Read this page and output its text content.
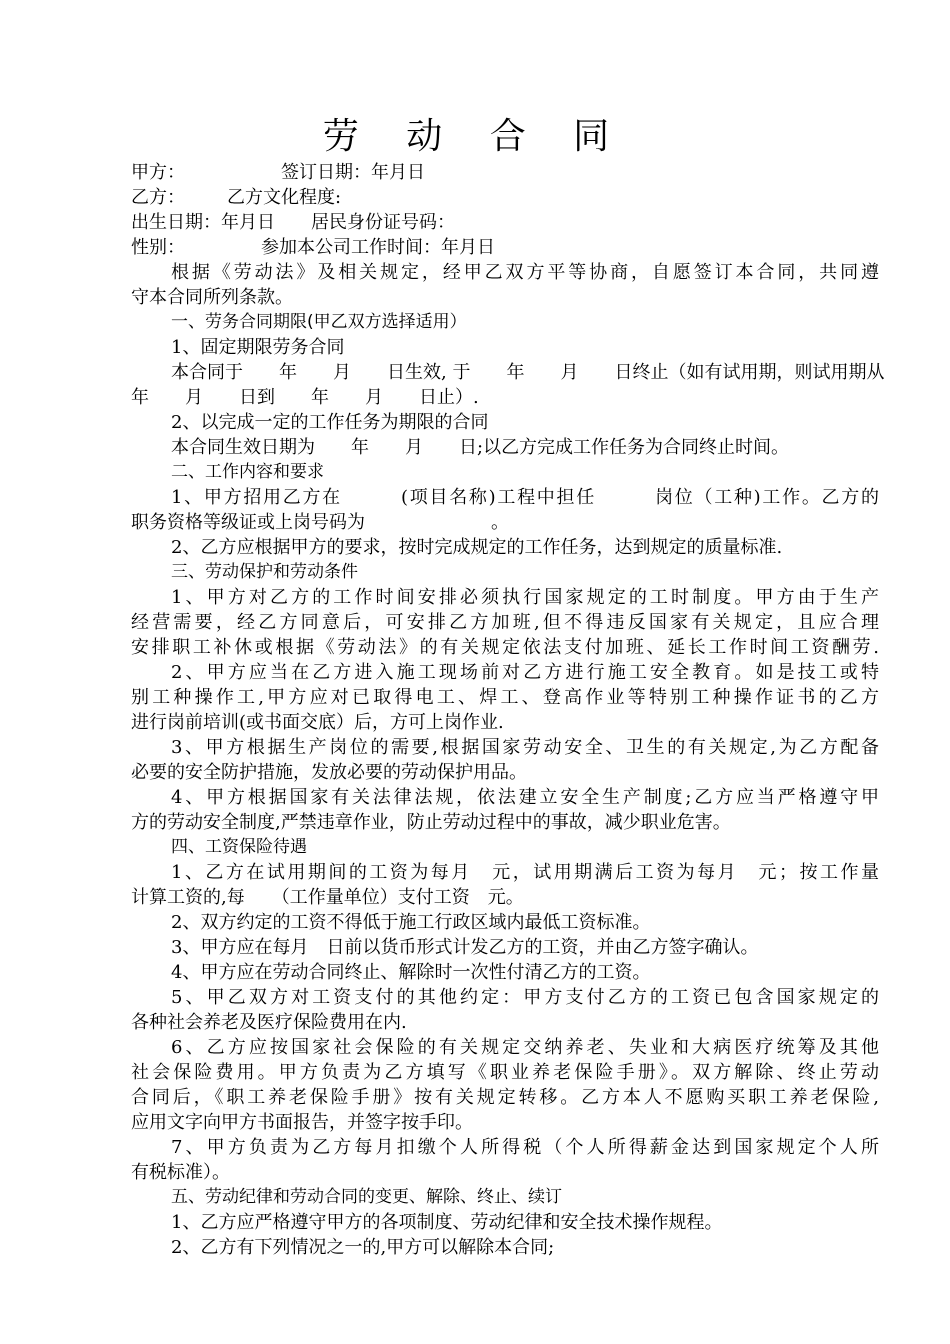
劳 动 合 同
甲方：	签订日期：年月日
乙方： 乙方文化程度:
出生日期：年月日 居民身份证号码：
性别：	参加本公司工作时间：年月日
根据《劳动法》及相关规定，经甲乙双方平等协商，自愿签订本合同，共同遵
守本合同所列条款。
一、劳务合同期限(甲乙双方选择适用）
1、固定期限劳务合同
本合同于　　年　　月　　日生效, 于　　年　　月　　日终止（如有试用期，则试用期从
年　　月　　日到　　年　　月　　日止）.
2、以完成一定的工作任务为期限的合同
本合同生效日期为　　年　　月　　日;以乙方完成工作任务为合同终止时间。
二、工作内容和要求
1、甲方招用乙方在　　　(项目名称)工程中担任　　　岗位（工种)工作。乙方的
职务资格等级证或上岗号码为　　　　　　　。
2、乙方应根据甲方的要求，按时完成规定的工作任务，达到规定的质量标准.
三、劳动保护和劳动条件
1、甲方对乙方的工作时间安排必须执行国家规定的工时制度。甲方由于生产
经营需要，经乙方同意后，可安排乙方加班,但不得违反国家有关规定，且应合理
安排职工补休或根据《劳动法》的有关规定依法支付加班、延长工作时间工资酬劳.
2、甲方应当在乙方进入施工现场前对乙方进行施工安全教育。如是技工或特
别工种操作工,甲方应对已取得电工、焊工、登高作业等特别工种操作证书的乙方
进行岗前培训(或书面交底）后，方可上岗作业.
3、甲方根据生产岗位的需要,根据国家劳动安全、卫生的有关规定,为乙方配备
必要的安全防护措施，发放必要的劳动保护用品。
4、甲方根据国家有关法律法规，依法建立安全生产制度;乙方应当严格遵守甲
方的劳动安全制度,严禁违章作业，防止劳动过程中的事故，减少职业危害。
四、工资保险待遇
1、乙方在试用期间的工资为每月　元，试用期满后工资为每月　元；按工作量
计算工资的,每　　（工作量单位）支付工资　元。
2、双方约定的工资不得低于施工行政区域内最低工资标准。
3、甲方应在每月　日前以货币形式计发乙方的工资，并由乙方签字确认。
4、甲方应在劳动合同终止、解除时一次性付清乙方的工资。
5、甲乙双方对工资支付的其他约定：甲方支付乙方的工资已包含国家规定的
各种社会养老及医疗保险费用在内.
6、乙方应按国家社会保险的有关规定交纳养老、失业和大病医疗统筹及其他
社会保险费用。甲方负责为乙方填写《职业养老保险手册》。双方解除、终止劳动
合同后，《职工养老保险手册》按有关规定转移。乙方本人不愿购买职工养老保险,
应用文字向甲方书面报告，并签字按手印。
7、甲方负责为乙方每月扣缴个人所得税（个人所得薪金达到国家规定个人所
有税标准）。
五、劳动纪律和劳动合同的变更、解除、终止、续订
1、乙方应严格遵守甲方的各项制度、劳动纪律和安全技术操作规程。
2、乙方有下列情况之一的,甲方可以解除本合同;
